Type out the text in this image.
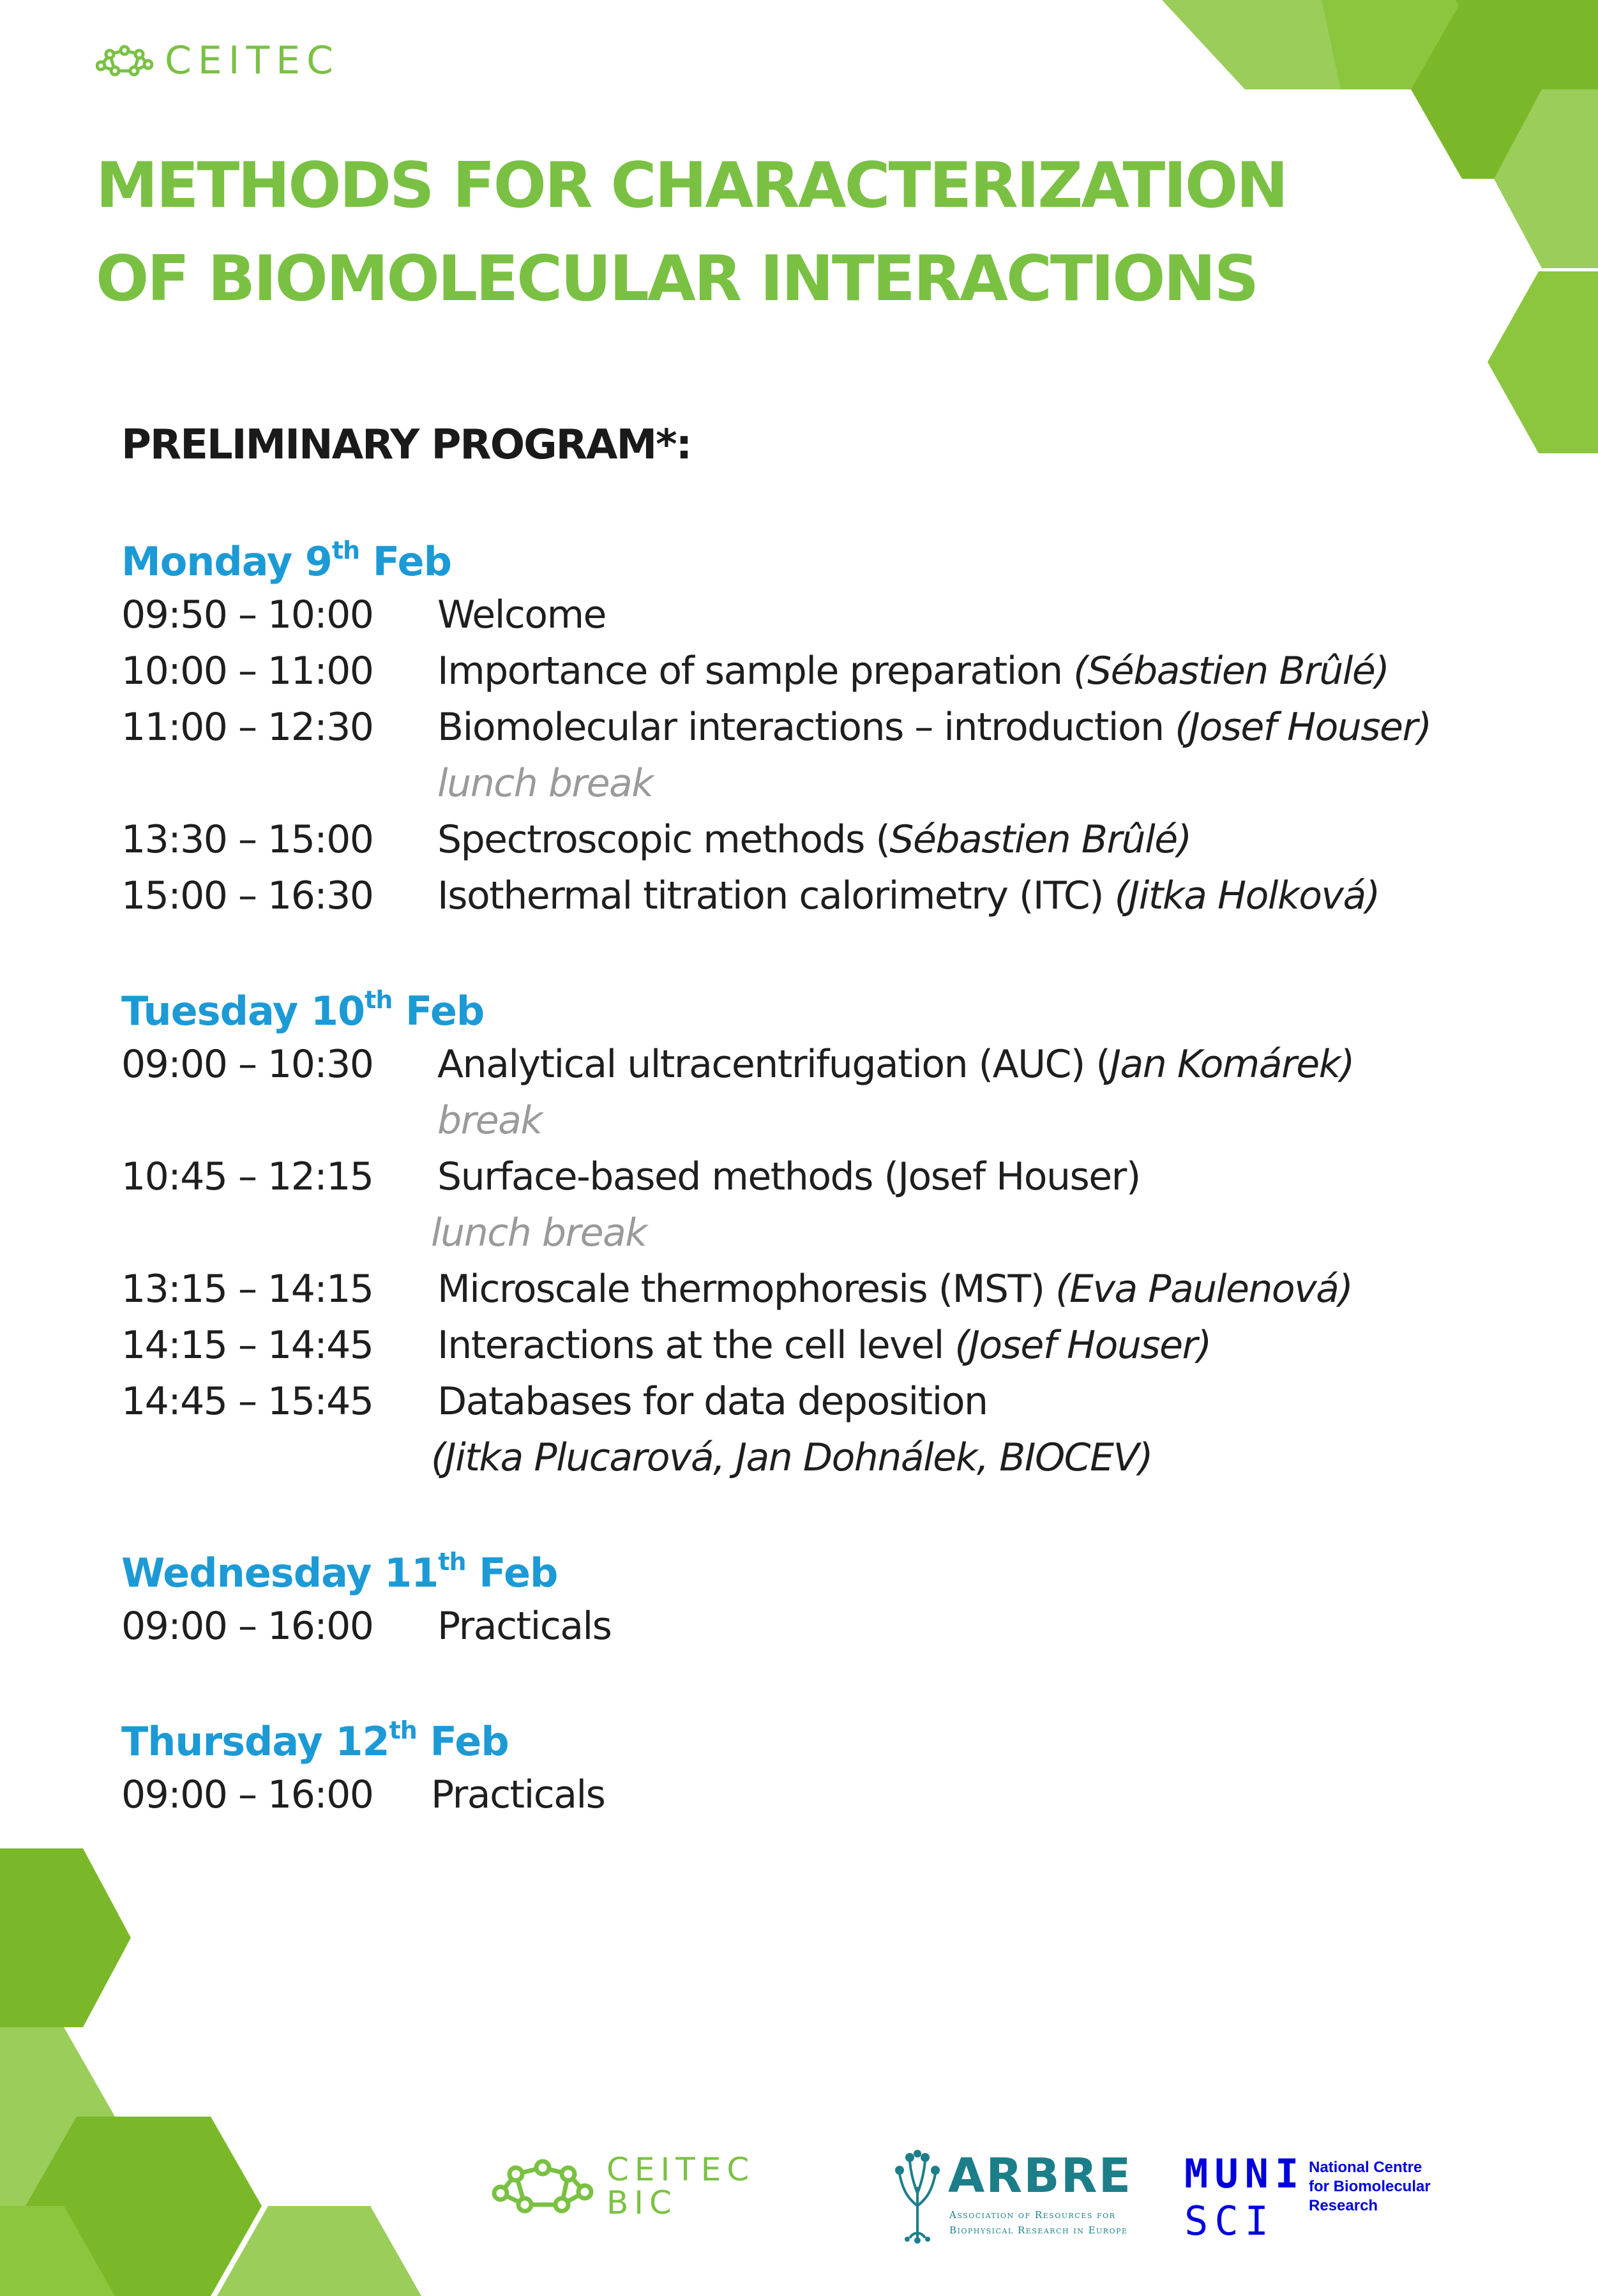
CEITEC
METHODS FOR CHARACTERIZATION
OF BIOMOLECULAR INTERACTIONS
PRELIMINARY PROGRAM*:
Monday 9th Feb
09:50 – 10:00 Welcome
10:00 – 11:00 Importance of sample preparation (Sébastien Brûlé)
11:00 – 12:30 Biomolecular interactions – introduction (Josef Houser)
lunch break
13:30 – 15:00 Spectroscopic methods (Sébastien Brûlé)
15:00 – 16:30 Isothermal titration calorimetry (ITC) (Jitka Holková)
Tuesday 10th Feb
09:00 – 10:30 Analytical ultracentrifugation (AUC) (Jan Komárek)
break
10:45 – 12:15 Surface-based methods (Josef Houser)
lunch break
13:15 – 14:15 Microscale thermophoresis (MST) (Eva Paulenová)
14:15 – 14:45 Interactions at the cell level (Josef Houser)
14:45 – 15:45 Databases for data deposition
(Jitka Plucarová, Jan Dohnálek, BIOCEV)
Wednesday 11th Feb
09:00 – 16:00 Practicals
Thursday 12th Feb
09:00 – 16:00 Practicals
CEITEC
BIC	ARBRE
Association of Resources for
Biophysical Research in Europe
MUNI
SCI
National Centre
for Biomolecular
Research
